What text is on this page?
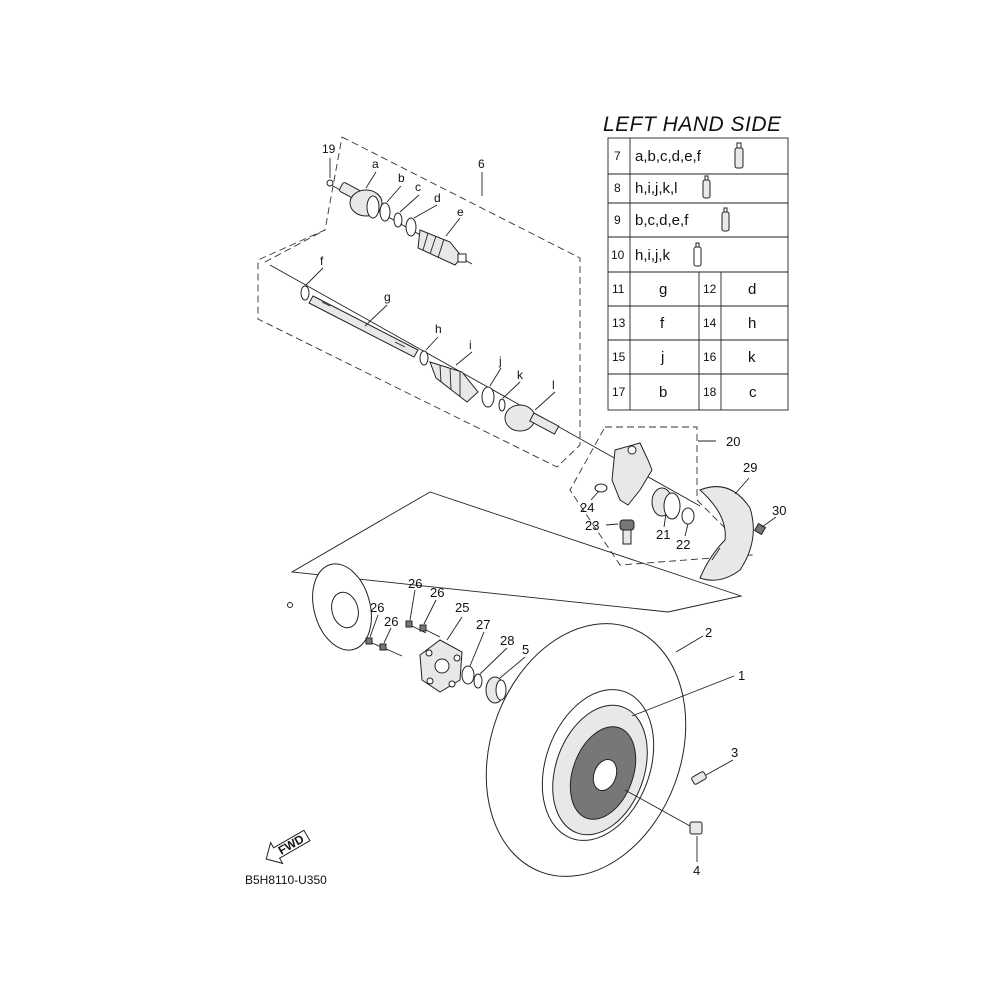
LEFT HAND SIDE
7 a,b,c,d,e,f
8 h,i,j,k,l
9 b,c,d,e,f
10 h,i,j,k
11 g	12 d
13 f	14 h
15 j	16 k
17 b	18 c
19
a
b
c
d
e
6
f
g
h
i
j
k
l
20
29
30
24
23
21
22
25
26
26
26
26	27
28
5
2
1
3
4
FWD
B5H8110-U350
